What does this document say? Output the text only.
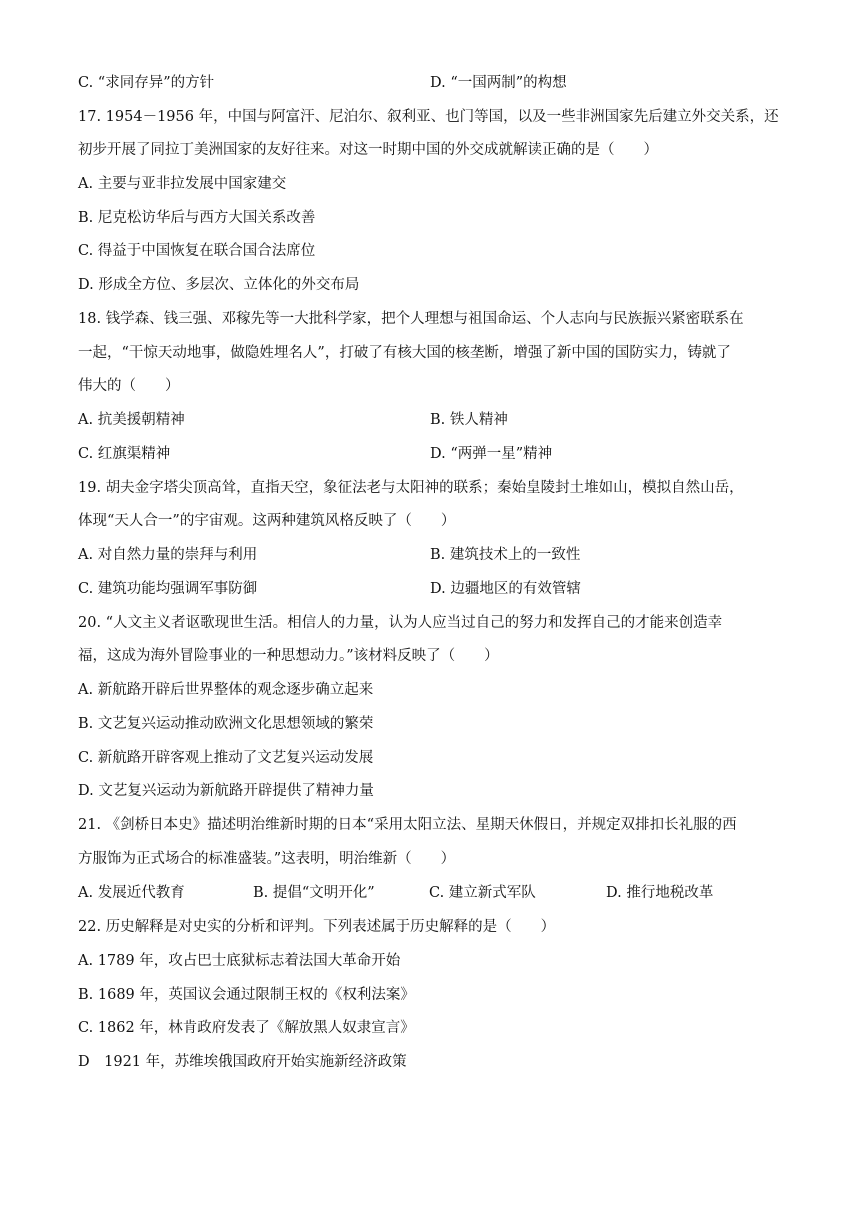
C. “求同存异”的方针	D. “一国两制”的构想
17. 1954－1956 年，中国与阿富汗、尼泊尔、叙利亚、也门等国，以及一些非洲国家先后建立外交关系，还
初步开展了同拉丁美洲国家的友好往来。对这一时期中国的外交成就解读正确的是（　　）
A. 主要与亚非拉发展中国家建交
B. 尼克松访华后与西方大国关系改善
C. 得益于中国恢复在联合国合法席位
D. 形成全方位、多层次、立体化的外交布局
18. 钱学森、钱三强、邓稼先等一大批科学家，把个人理想与祖国命运、个人志向与民族振兴紧密联系在
一起，“干惊天动地事，做隐姓埋名人”，打破了有核大国的核垄断，增强了新中国的国防实力，铸就了
伟大的（　　）
A. 抗美援朝精神	B. 铁人精神
C. 红旗渠精神	D. “两弹一星”精神
19. 胡夫金字塔尖顶高耸，直指天空，象征法老与太阳神的联系；秦始皇陵封土堆如山，模拟自然山岳，
体现“天人合一”的宇宙观。这两种建筑风格反映了（　　）
A. 对自然力量的崇拜与利用	B. 建筑技术上的一致性
C. 建筑功能均强调军事防御	D. 边疆地区的有效管辖
20. “人文主义者讴歌现世生活。相信人的力量，认为人应当过自己的努力和发挥自己的才能来创造幸
福，这成为海外冒险事业的一种思想动力。”该材料反映了（　　）
A. 新航路开辟后世界整体的观念逐步确立起来
B. 文艺复兴运动推动欧洲文化思想领域的繁荣
C. 新航路开辟客观上推动了文艺复兴运动发展
D. 文艺复兴运动为新航路开辟提供了精神力量
21. 《剑桥日本史》描述明治维新时期的日本“采用太阳立法、星期天休假日，并规定双排扣长礼服的西
方服饰为正式场合的标准盛装。”这表明，明治维新（　　）
A. 发展近代教育	B. 提倡“文明开化”	C. 建立新式军队	D. 推行地税改革
22. 历史解释是对史实的分析和评判。下列表述属于历史解释的是（　　）
A. 1789 年，攻占巴士底狱标志着法国大革命开始
B. 1689 年，英国议会通过限制王权的《权利法案》
C. 1862 年，林肯政府发表了《解放黑人奴隶宣言》
D　1921 年，苏维埃俄国政府开始实施新经济政策
